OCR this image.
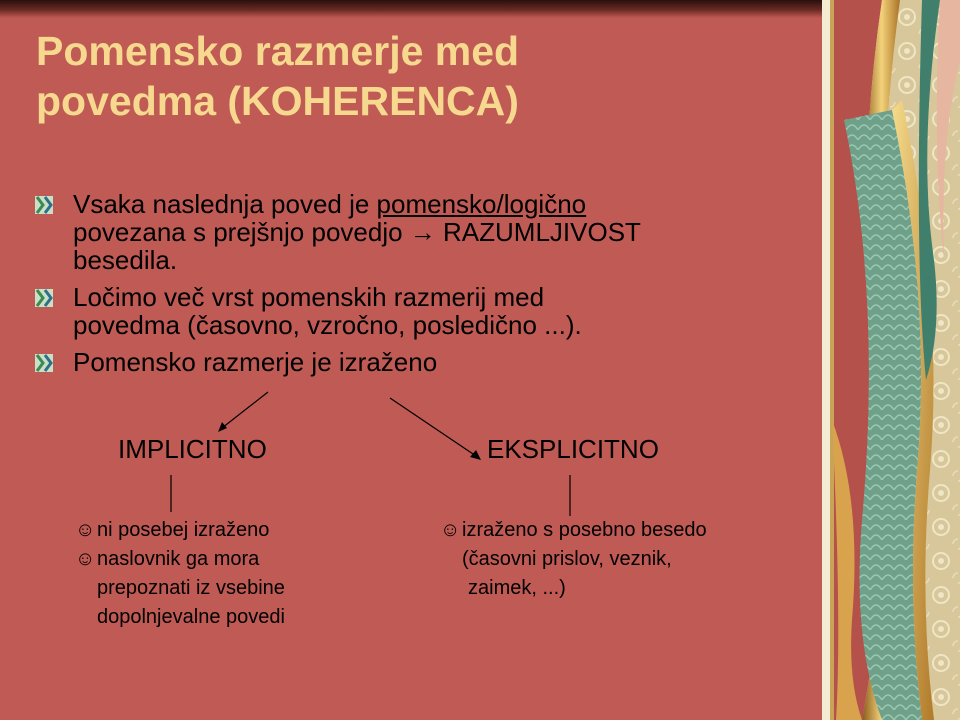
Pomensko razmerje med
povedma (KOHERENCA)
Vsaka naslednja poved je pomensko/logično
povezana s prejšnjo povedjo → RAZUMLJIVOST
besedila.
Ločimo več vrst pomenskih razmerij med
povedma (časovno, vzročno, posledično ...).
Pomensko razmerje je izraženo
IMPLICITNO	EKSPLICITNO
☺ni posebej izraženo
☺naslovnik ga mora
prepoznati iz vsebine
dopolnjevalne povedi
☺izraženo s posebno besedo
(časovni prislov, veznik,
zaimek, ...)
